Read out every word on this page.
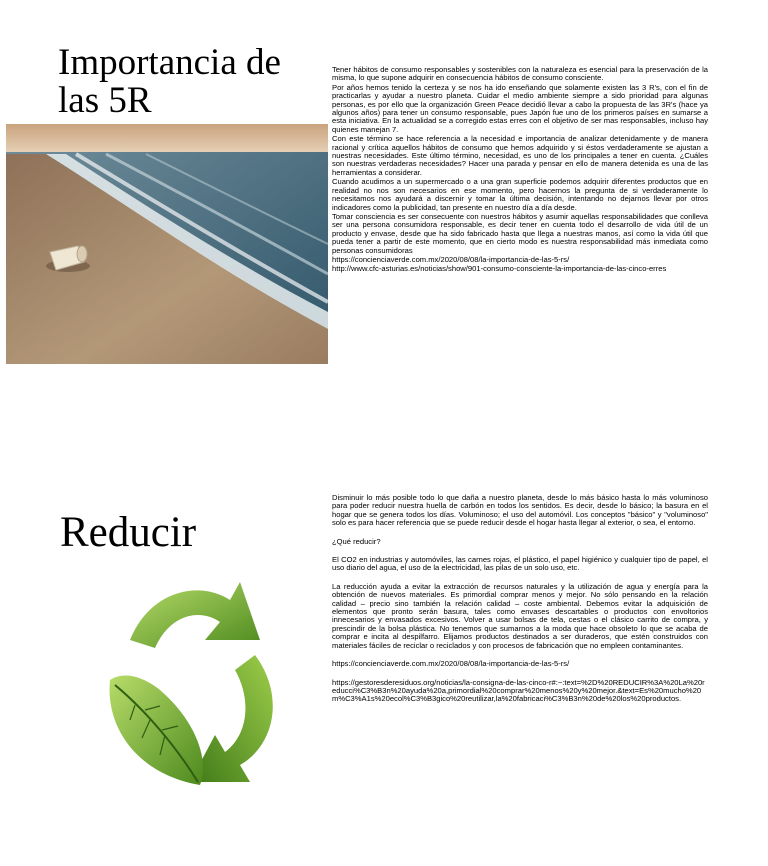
Importancia de las 5R

Tener hábitos de consumo responsables y sostenibles con la naturaleza es esencial para la preservación de la misma, lo que supone adquirir en consecuencia hábitos de consumo consciente.

Por años hemos tenido la certeza y se nos ha ido enseñando que solamente existen las 3 R's, con el fin de practicarlas y ayudar a nuestro planeta. Cuidar el medio ambiente siempre a sido prioridad para algunas personas, es por ello que la organización Green Peace decidió llevar a cabo la propuesta de las 3R's (hace ya algunos años) para tener un consumo responsable, pues Japón fue uno de los primeros países en sumarse a esta iniciativa. En la actualidad se a corregido estas erres con el objetivo de ser mas responsables, incluso hay quienes manejan 7.

Con este término se hace referencia a la necesidad e importancia de analizar detenidamente y de manera racional y crítica aquellos hábitos de consumo que hemos adquirido y si éstos verdaderamente se ajustan a nuestras necesidades. Este último término, necesidad, es uno de los principales a tener en cuenta. ¿Cuáles son nuestras verdaderas necesidades? Hacer una parada y pensar en ello de manera detenida es una de las herramientas a considerar.

Cuando acudimos a un supermercado o a una gran superficie podemos adquirir diferentes productos que en realidad no nos son necesarios en ese momento, pero hacernos la pregunta de si verdaderamente lo necesitamos nos ayudará a discernir y tomar la última decisión, intentando no dejarnos llevar por otros indicadores como la publicidad, tan presente en nuestro día a día desde.

Tomar consciencia es ser consecuente con nuestros hábitos y asumir aquellas responsabilidades que conlleva ser una persona consumidora responsable, es decir tener en cuenta todo el desarrollo de vida útil de un producto y envase, desde que ha sido fabricado hasta que llega a nuestras manos, así como la vida útil que pueda tener a partir de este momento, que en cierto modo es nuestra responsabilidad más inmediata como personas consumidoras

https://concienciaverde.com.mx/2020/08/08/la-importancia-de-las-5-rs/

http://www.cfc-asturias.es/noticias/show/901-consumo-consciente-la-importancia-de-las-cinco-erres

Reducir

Disminuir lo más posible todo lo que daña a nuestro planeta, desde lo más básico hasta lo más voluminoso para poder reducir nuestra huella de carbón en todos los sentidos. Es decir, desde lo básico; la basura en el hogar que se genera todos los días. Voluminoso; el uso del automóvil. Los conceptos "básico" y "voluminoso" solo es para hacer referencia que se puede reducir desde el hogar hasta llegar al exterior, o sea, el entorno.

¿Qué reducir?

El CO2 en industrias y automóviles, las carnes rojas, el plástico, el papel higiénico y cualquier tipo de papel, el uso diario del agua, el uso de la electricidad, las pilas de un solo uso, etc.

La reducción ayuda a evitar la extracción de recursos naturales y la utilización de agua y energía para la obtención de nuevos materiales. Es primordial comprar menos y mejor. No sólo pensando en la relación calidad – precio sino también la relación calidad – coste ambiental. Debemos evitar la adquisición de elementos que pronto serán basura, tales como envases descartables o productos con envoltorios innecesarios y envasados excesivos. Volver a usar bolsas de tela, cestas o el clásico carrito de compra, y prescindir de la bolsa plástica. No tenemos que sumarnos a la moda que hace obsoleto lo que se acaba de comprar e incita al despilfarro. Elijamos productos destinados a ser duraderos, que estén construidos con materiales fáciles de reciclar o reciclados y con procesos de fabricación que no empleen contaminantes.

https://concienciaverde.com.mx/2020/08/08/la-importancia-de-las-5-rs/

https://gestoresderesiduos.org/noticias/la-consigna-de-las-cinco-r#:~:text=%2D%20REDUCIR%3A%20La%20reducci%C3%B3n%20ayuda%20a,primordial%20comprar%20menos%20y%20mejor.&text=Es%20mucho%20m%C3%A1s%20ecol%C3%B3gico%20reutilizar,la%20fabricaci%C3%B3n%20de%20los%20productos.
